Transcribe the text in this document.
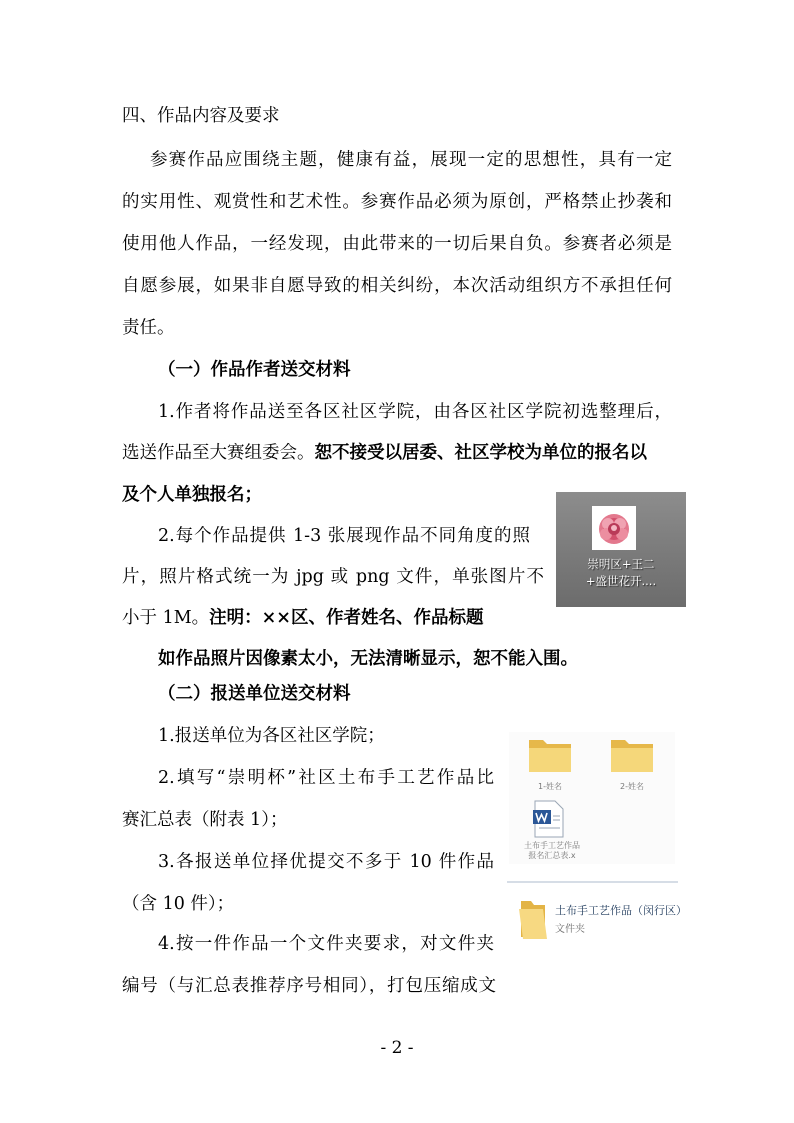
四、作品内容及要求
参赛作品应围绕主题，健康有益，展现一定的思想性，具有一定
的实用性、观赏性和艺术性。参赛作品必须为原创，严格禁止抄袭和
使用他人作品，一经发现，由此带来的一切后果自负。参赛者必须是
自愿参展，如果非自愿导致的相关纠纷，本次活动组织方不承担任何
责任。
（一）作品作者送交材料
1.作者将作品送至各区社区学院，由各区社区学院初选整理后，
选送作品至大赛组委会。恕不接受以居委、社区学校为单位的报名以
及个人单独报名；
2.每个作品提供 1-3 张展现作品不同角度的照
片，照片格式统一为 jpg 或 png 文件，单张图片不
小于 1M。注明：××区、作者姓名、作品标题
如作品照片因像素太小，无法清晰显示，恕不能入围。
（二）报送单位送交材料
1.报送单位为各区社区学院；
2.填写“崇明杯”社区土布手工艺作品比
赛汇总表（附表 1）；
3.各报送单位择优提交不多于 10 件作品
（含 10 件）；
4.按一件作品一个文件夹要求，对文件夹
编号（与汇总表推荐序号相同），打包压缩成文
崇明区+王二
+盛世花开....
1-姓名	2-姓名
土布手工艺作品
报名汇总表.x
土布手工艺作品（闵行区）
文件夹
- 2 -
